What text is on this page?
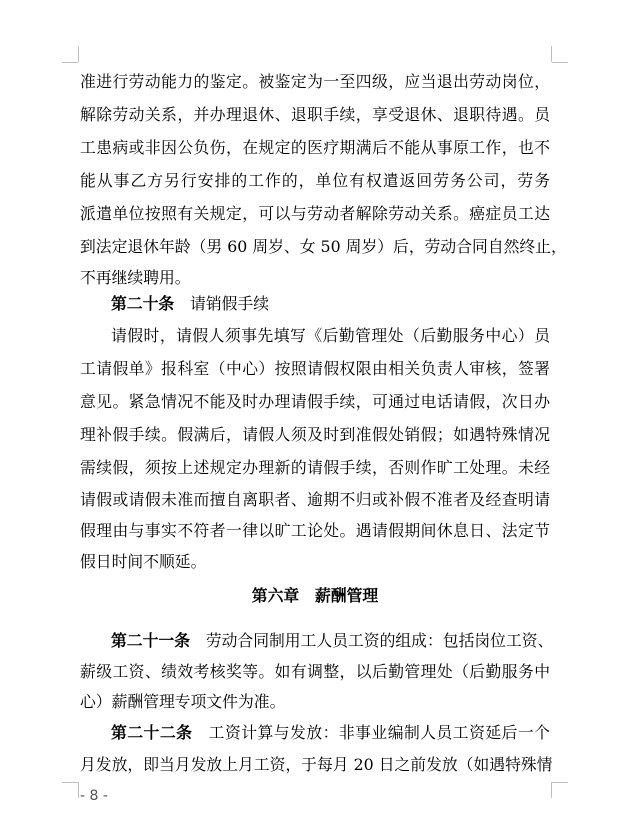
准进行劳动能力的鉴定。被鉴定为一至四级，应当退出劳动岗位，
解除劳动关系，并办理退休、退职手续，享受退休、退职待遇。员
工患病或非因公负伤，在规定的医疗期满后不能从事原工作，也不
能从事乙方另行安排的工作的，单位有权遣返回劳务公司，劳务
派遣单位按照有关规定，可以与劳动者解除劳动关系。癌症员工达
到法定退休年龄（男 60 周岁、女 50 周岁）后，劳动合同自然终止，
不再继续聘用。
第二十条　 请销假手续
请假时，请假人须事先填写《后勤管理处（后勤服务中心）员
工请假单》报科室（中心）按照请假权限由相关负责人审核，签署
意见。紧急情况不能及时办理请假手续，可通过电话请假，次日办
理补假手续。假满后，请假人须及时到准假处销假；如遇特殊情况
需续假，须按上述规定办理新的请假手续，否则作旷工处理。未经
请假或请假未准而擅自离职者、逾期不归或补假不准者及经查明请
假理由与事实不符者一律以旷工论处。遇请假期间休息日、法定节
假日时间不顺延。
第六章　薪酬管理
第二十一条　 劳动合同制用工人员工资的组成：包括岗位工资、
薪级工资、绩效考核奖等。如有调整，以后勤管理处（后勤服务中
心）薪酬管理专项文件为准。
第二十二条　 工资计算与发放：非事业编制人员工资延后一个
月发放，即当月发放上月工资，于每月 20 日之前发放（如遇特殊情
- 8 -
